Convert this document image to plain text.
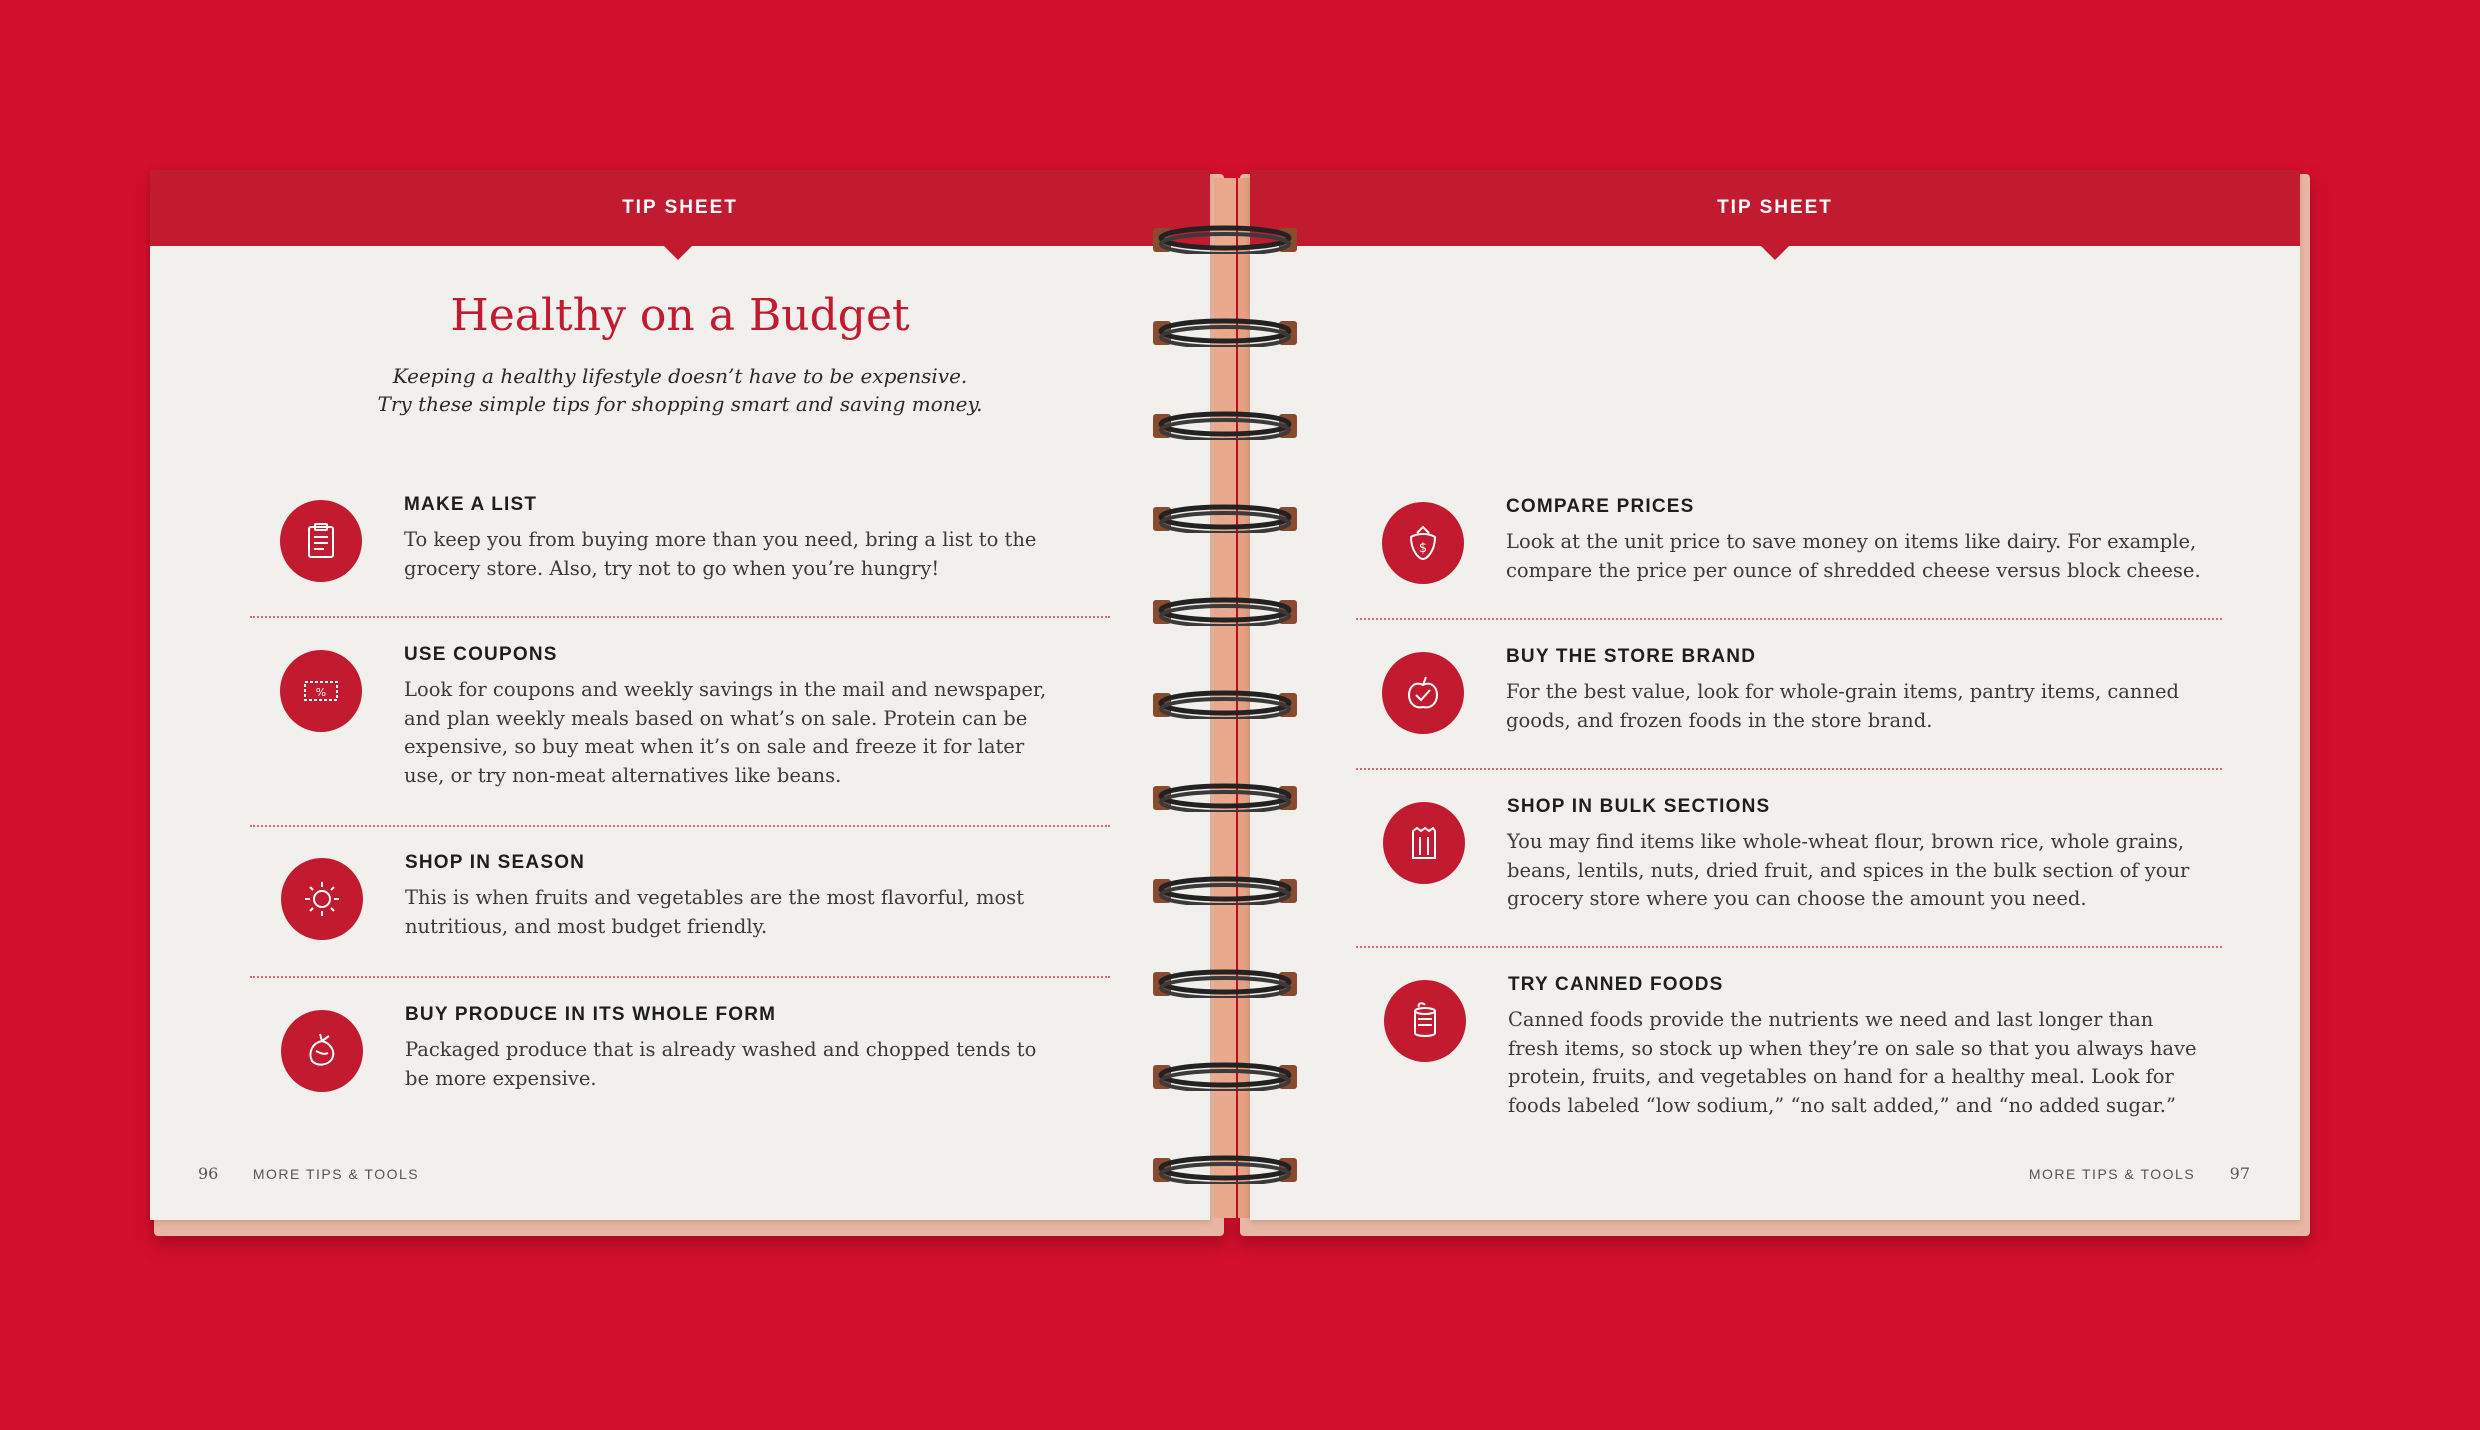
TIP SHEET
Healthy on a Budget
Keeping a healthy lifestyle doesn’t have to be expensive.
Try these simple tips for shopping smart and saving money.
MAKE A LIST
To keep you from buying more than you need, bring a list to the grocery store. Also, try not to go when you’re hungry!
%
USE COUPONS
Look for coupons and weekly savings in the mail and newspaper, and plan weekly meals based on what’s on sale. Protein can be expensive, so buy meat when it’s on sale and freeze it for later use, or try non-meat alternatives like beans.
SHOP IN SEASON
This is when fruits and vegetables are the most flavorful, most nutritious, and most budget friendly.
BUY PRODUCE IN ITS WHOLE FORM
Packaged produce that is already washed and chopped tends to be more expensive.
96 MORE TIPS & TOOLS
TIP SHEET
$
COMPARE PRICES
Look at the unit price to save money on items like dairy. For example, compare the price per ounce of shredded cheese versus block cheese.
BUY THE STORE BRAND
For the best value, look for whole-grain items, pantry items, canned goods, and frozen foods in the store brand.
SHOP IN BULK SECTIONS
You may find items like whole-wheat flour, brown rice, whole grains, beans, lentils, nuts, dried fruit, and spices in the bulk section of your grocery store where you can choose the amount you need.
TRY CANNED FOODS
Canned foods provide the nutrients we need and last longer than fresh items, so stock up when they’re on sale so that you always have protein, fruits, and vegetables on hand for a healthy meal. Look for foods labeled “low sodium,” “no salt added,” and “no added sugar.”
MORE TIPS & TOOLS 97
